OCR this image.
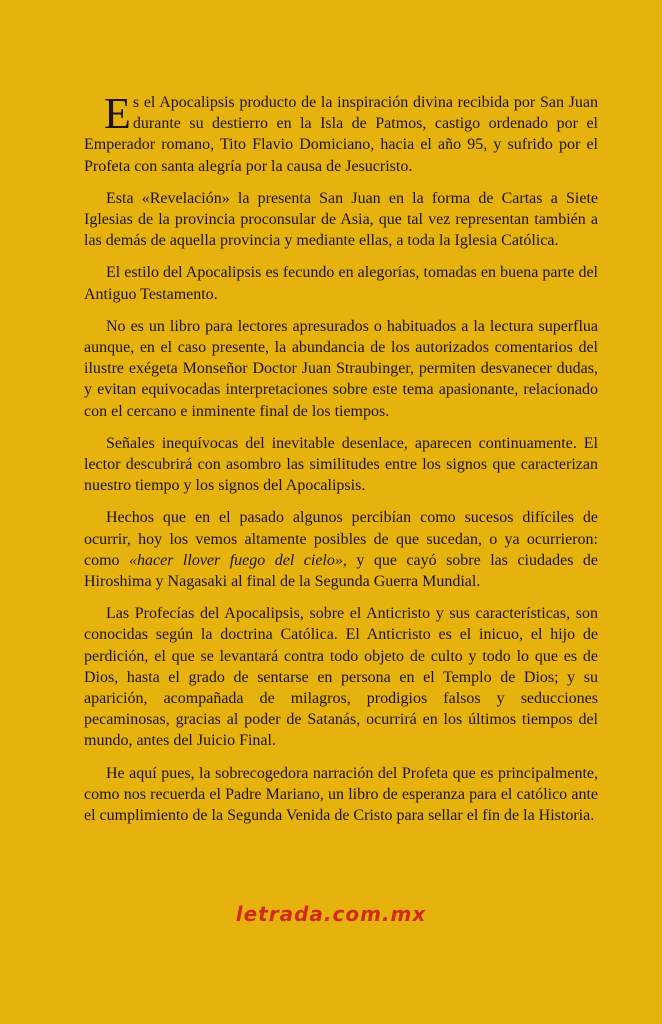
Es el Apocalipsis producto de la inspiración divina recibida por San Juan durante su destierro en la Isla de Patmos, castigo ordenado por el Emperador romano, Tito Flavio Domiciano, hacia el año 95, y sufrido por el Profeta con santa alegría por la causa de Jesucristo.

Esta «Revelación» la presenta San Juan en la forma de Cartas a Siete Iglesias de la provincia proconsular de Asia, que tal vez representan también a las demás de aquella provincia y mediante ellas, a toda la Iglesia Católica.

El estilo del Apocalipsis es fecundo en alegorías, tomadas en buena parte del Antiguo Testamento.

No es un libro para lectores apresurados o habituados a la lectura superflua aunque, en el caso presente, la abundancia de los autorizados comentarios del ilustre exégeta Monseñor Doctor Juan Straubinger, permiten desvanecer dudas, y evitan equivocadas interpretaciones sobre este tema apasionante, relacionado con el cercano e inminente final de los tiempos.

Señales inequívocas del inevitable desenlace, aparecen continuamente. El lector descubrirá con asombro las similitudes entre los signos que caracterizan nuestro tiempo y los signos del Apocalipsis.

Hechos que en el pasado algunos percibían como sucesos difíciles de ocurrir, hoy los vemos altamente posibles de que sucedan, o ya ocurrieron: como «hacer llover fuego del cielo», y que cayó sobre las ciudades de Hiroshima y Nagasaki al final de la Segunda Guerra Mundial.

Las Profecías del Apocalipsis, sobre el Anticristo y sus características, son conocidas según la doctrina Católica. El Anticristo es el inicuo, el hijo de perdición, el que se levantará contra todo objeto de culto y todo lo que es de Dios, hasta el grado de sentarse en persona en el Templo de Dios; y su aparición, acompañada de milagros, prodigios falsos y seducciones pecaminosas, gracias al poder de Satanás, ocurrirá en los últimos tiempos del mundo, antes del Juicio Final.

He aquí pues, la sobrecogedora narración del Profeta que es principalmente, como nos recuerda el Padre Mariano, un libro de esperanza para el católico ante el cumplimiento de la Segunda Venida de Cristo para sellar el fin de la Historia.

letrada.com.mx
